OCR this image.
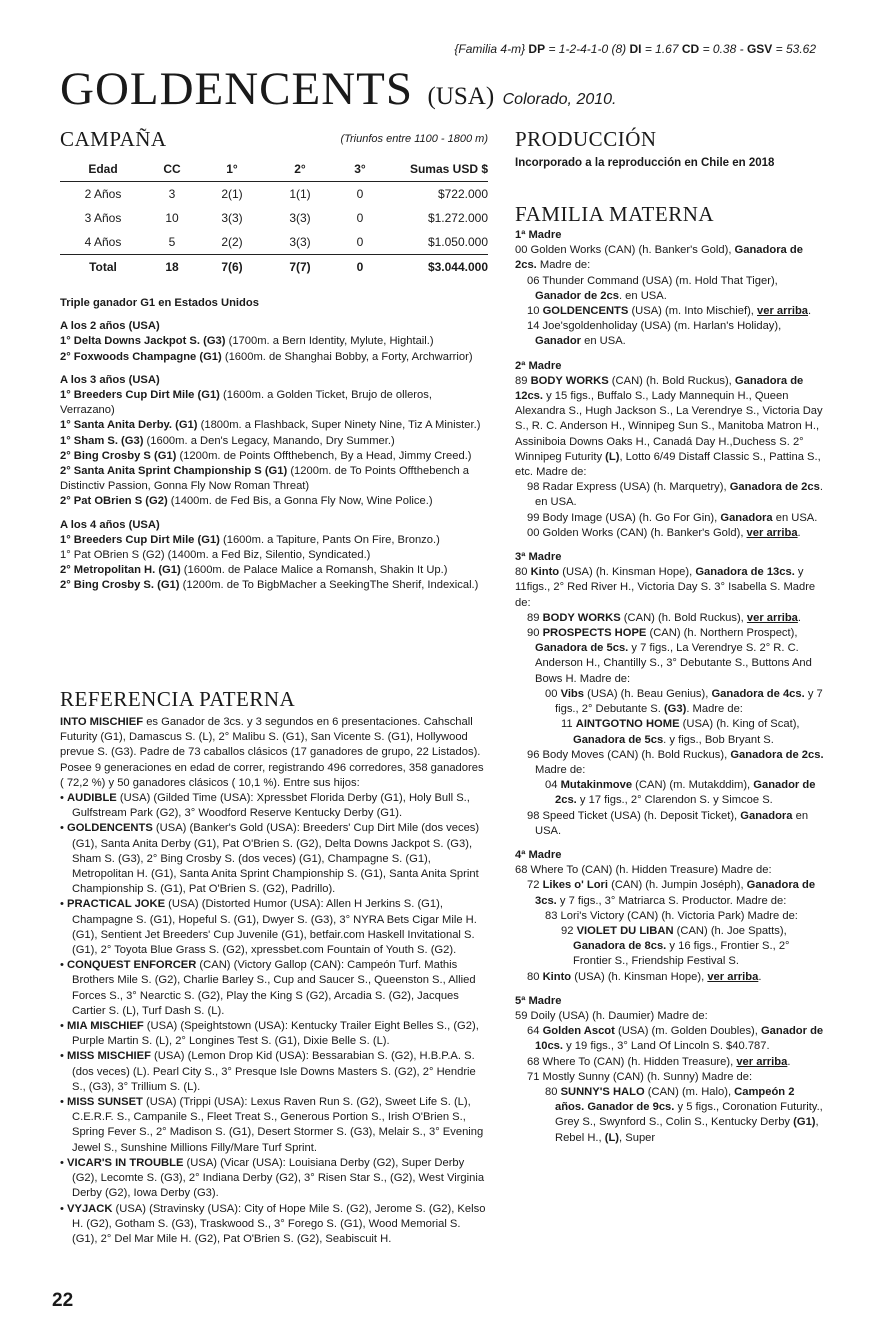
{Familia 4-m} DP = 1-2-4-1-0 (8) DI = 1.67 CD = 0.38 - GSV = 53.62
GOLDENCENTS (USA) Colorado, 2010.
CAMPAÑA	(Triunfos entre 1100 - 1800 m)
Edad	CC	1°	2°	3°	Sumas USD $
2 Años	3	2(1)	1(1)	0	$722.000
3 Años	10	3(3)	3(3)	0	$1.272.000
4 Años	5	2(2)	3(3)	0	$1.050.000
Total	18	7(6)	7(7)	0	$3.044.000

Triple ganador G1 en Estados Unidos

A los 2 años (USA)

1° Delta Downs Jackpot S. (G3) (1700m. a Bern Identity, Mylute, Hightail.)

2° Foxwoods Champagne (G1) (1600m. de Shanghai Bobby, a Forty, Archwarrior)

A los 3 años (USA)

1° Breeders Cup Dirt Mile (G1) (1600m. a Golden Ticket, Brujo de olleros, Verrazano)

1° Santa Anita Derby. (G1) (1800m. a Flashback, Super Ninety Nine, Tiz A Minister.)

1° Sham S. (G3) (1600m. a Den's Legacy, Manando, Dry Summer.)

2° Bing Crosby S (G1) (1200m. de Points Offthebench, By a Head, Jimmy Creed.)

2° Santa Anita Sprint Championship S (G1) (1200m. de To Points Offthebench a Distinctiv Passion, Gonna Fly Now Roman Threat)

2° Pat OBrien S (G2) (1400m. de Fed Bis, a Gonna Fly Now, Wine Police.)

A los 4 años (USA)

1° Breeders Cup Dirt Mile (G1) (1600m. a Tapiture, Pants On Fire, Bronzo.)

1° Pat OBrien S (G2) (1400m. a Fed Biz, Silentio, Syndicated.)

2° Metropolitan H. (G1) (1600m. de Palace Malice a Romansh, Shakin It Up.)

2° Bing Crosby S. (G1) (1200m. de To BigbMacher a SeekingThe Sherif, Indexical.)

REFERENCIA PATERNA

INTO MISCHIEF es Ganador de 3cs. y 3 segundos en 6 presentaciones. Cahschall Futurity (G1), Damascus S. (L), 2° Malibu S. (G1), San Vicente S. (G1), Hollywood prevue S. (G3). Padre de 73 caballos clásicos (17 ganadores de grupo, 22 Listados). Posee 9 generaciones en edad de correr, registrando 496 corredores, 358 ganadores ( 72,2 %) y 50 ganadores clásicos ( 10,1 %). Entre sus hijos:

• AUDIBLE (USA) (Gilded Time (USA): Xpressbet Florida Derby (G1), Holy Bull S., Gulfstream Park (G2), 3° Woodford Reserve Kentucky Derby (G1).

• GOLDENCENTS (USA) (Banker's Gold (USA): Breeders' Cup Dirt Mile (dos veces) (G1), Santa Anita Derby (G1), Pat O'Brien S. (G2), Delta Downs Jackpot S. (G3), Sham S. (G3), 2° Bing Crosby S. (dos veces) (G1), Champagne S. (G1), Metropolitan H. (G1), Santa Anita Sprint Championship S. (G1), Santa Anita Sprint Championship S. (G1), Pat O'Brien S. (G2), Padrillo).

• PRACTICAL JOKE (USA) (Distorted Humor (USA): Allen H Jerkins S. (G1), Champagne S. (G1), Hopeful S. (G1), Dwyer S. (G3), 3° NYRA Bets Cigar Mile H. (G1), Sentient Jet Breeders' Cup Juvenile (G1), betfair.com Haskell Invitational S. (G1), 2° Toyota Blue Grass S. (G2), xpressbet.com Fountain of Youth S. (G2).

• CONQUEST ENFORCER (CAN) (Victory Gallop (CAN): Campeón Turf. Mathis Brothers Mile S. (G2), Charlie Barley S., Cup and Saucer S., Queenston S., Allied Forces S., 3° Nearctic S. (G2), Play the King S (G2), Arcadia S. (G2), Jacques Cartier S. (L), Turf Dash S. (L).

• MIA MISCHIEF (USA) (Speightstown (USA): Kentucky Trailer Eight Belles S., (G2), Purple Martin S. (L), 2° Longines Test S. (G1), Dixie Belle S. (L).

• MISS MISCHIEF (USA) (Lemon Drop Kid (USA): Bessarabian S. (G2), H.B.P.A. S. (dos veces) (L). Pearl City S., 3° Presque Isle Downs Masters S. (G2), 2° Hendrie S., (G3), 3° Trillium S. (L).

• MISS SUNSET (USA) (Trippi (USA): Lexus Raven Run S. (G2), Sweet Life S. (L), C.E.R.F. S., Campanile S., Fleet Treat S., Generous Portion S., Irish O'Brien S., Spring Fever S., 2° Madison S. (G1), Desert Stormer S. (G3), Melair S., 3° Evening Jewel S., Sunshine Millions Filly/Mare Turf Sprint.

• VICAR'S IN TROUBLE (USA) (Vicar (USA): Louisiana Derby (G2), Super Derby (G2), Lecomte S. (G3), 2° Indiana Derby (G2), 3° Risen Star S., (G2), West Virginia Derby (G2), Iowa Derby (G3).

• VYJACK (USA) (Stravinsky (USA): City of Hope Mile S. (G2), Jerome S. (G2), Kelso H. (G2), Gotham S. (G3), Traskwood S., 3° Forego S. (G1), Wood Memorial S. (G1), 2° Del Mar Mile H. (G2), Pat O'Brien S. (G2), Seabiscuit H.

PRODUCCIÓN

Incorporado a la reproducción en Chile en 2018

FAMILIA MATERNA

1ª Madre

00 Golden Works (CAN) (h. Banker's Gold), Ganadora de 2cs. Madre de:

06 Thunder Command (USA) (m. Hold That Tiger), Ganador de 2cs. en USA.

10 GOLDENCENTS (USA) (m. Into Mischief), ver arriba.

14 Joe'sgoldenholiday (USA) (m. Harlan's Holiday), Ganador en USA.

2ª Madre

89 BODY WORKS (CAN) (h. Bold Ruckus), Ganadora de 12cs. y 15 figs., Buffalo S., Lady Mannequin H., Queen Alexandra S., Hugh Jackson S., La Verendrye S., Victoria Day S., R. C. Anderson H., Winnipeg Sun S., Manitoba Matron H., Assiniboia Downs Oaks H., Canadá Day H.,Duchess S. 2° Winnipeg Futurity (L), Lotto 6/49 Distaff Classic S., Pattina S., etc. Madre de:

98 Radar Express (USA) (h. Marquetry), Ganadora de 2cs. en USA.

99 Body Image (USA) (h. Go For Gin), Ganadora en USA.

00 Golden Works (CAN) (h. Banker's Gold), ver arriba.

3ª Madre

80 Kinto (USA) (h. Kinsman Hope), Ganadora de 13cs. y 11figs., 2° Red River H., Victoria Day S. 3° Isabella S. Madre de:

89 BODY WORKS (CAN) (h. Bold Ruckus), ver arriba.

90 PROSPECTS HOPE (CAN) (h. Northern Prospect), Ganadora de 5cs. y 7 figs., La Verendrye S. 2° R. C. Anderson H., Chantilly S., 3° Debutante S., Buttons And Bows H. Madre de:

00 Vibs (USA) (h. Beau Genius), Ganadora de 4cs. y 7 figs., 2° Debutante S. (G3). Madre de:

11 AINTGOTNO HOME (USA) (h. King of Scat), Ganadora de 5cs. y figs., Bob Bryant S.

96 Body Moves (CAN) (h. Bold Ruckus), Ganadora de 2cs. Madre de:

04 Mutakinmove (CAN) (m. Mutakddim), Ganador de 2cs. y 17 figs., 2° Clarendon S. y Simcoe S.

98 Speed Ticket (USA) (h. Deposit Ticket), Ganadora en USA.

4ª Madre

68 Where To (CAN) (h. Hidden Treasure) Madre de:

72 Likes o' Lori (CAN) (h. Jumpin Joséph), Ganadora de 3cs. y 7 figs., 3° Matriarca S. Productor. Madre de:

83 Lori's Victory (CAN) (h. Victoria Park) Madre de:

92 VIOLET DU LIBAN (CAN) (h. Joe Spatts), Ganadora de 8cs. y 16 figs., Frontier S., 2° Frontier S., Friendship Festival S.

80 Kinto (USA) (h. Kinsman Hope), ver arriba.

5ª Madre

59 Doily (USA) (h. Daumier) Madre de:

64 Golden Ascot (USA) (m. Golden Doubles), Ganador de 10cs. y 19 figs., 3° Land Of Lincoln S. $40.787.

68 Where To (CAN) (h. Hidden Treasure), ver arriba.

71 Mostly Sunny (CAN) (h. Sunny) Madre de:

80 SUNNY'S HALO (CAN) (m. Halo), Campeón 2 años. Ganador de 9cs. y 5 figs., Coronation Futurity., Grey S., Swynford S., Colin S., Kentucky Derby (G1), Rebel H., (L), Super

22
